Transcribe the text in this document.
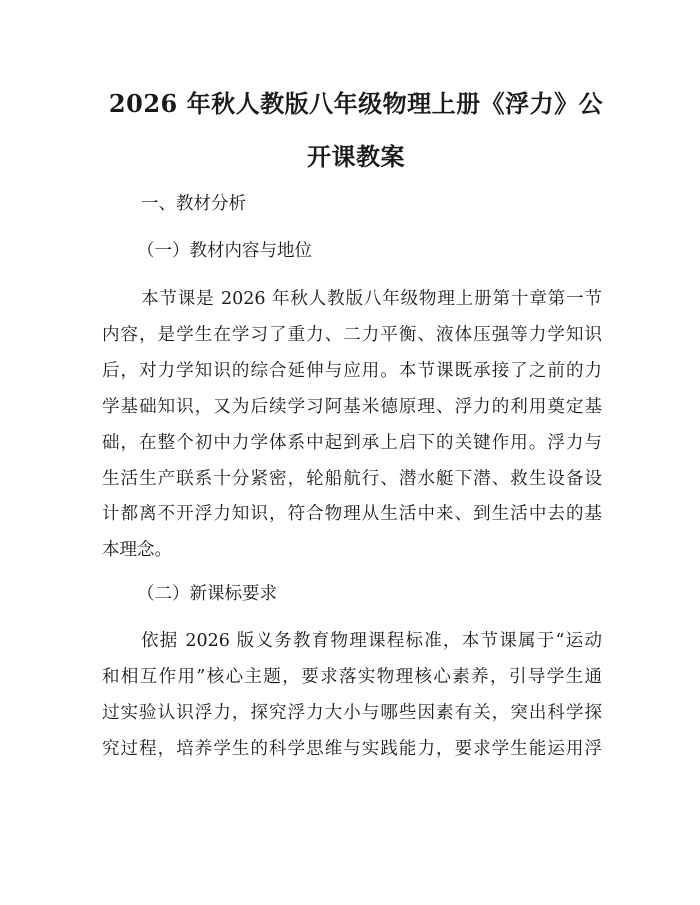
2026 年秋人教版八年级物理上册《浮力》公
开课教案
一、教材分析
（一）教材内容与地位
本节课是 2026 年秋人教版八年级物理上册第十章第一节
内容，是学生在学习了重力、二力平衡、液体压强等力学知识
后，对力学知识的综合延伸与应用。本节课既承接了之前的力
学基础知识，又为后续学习阿基米德原理、浮力的利用奠定基
础，在整个初中力学体系中起到承上启下的关键作用。浮力与
生活生产联系十分紧密，轮船航行、潜水艇下潜、救生设备设
计都离不开浮力知识，符合物理从生活中来、到生活中去的基
本理念。
（二）新课标要求
依据 2026 版义务教育物理课程标准，本节课属于“运动
和相互作用”核心主题，要求落实物理核心素养，引导学生通
过实验认识浮力，探究浮力大小与哪些因素有关，突出科学探
究过程，培养学生的科学思维与实践能力，要求学生能运用浮
